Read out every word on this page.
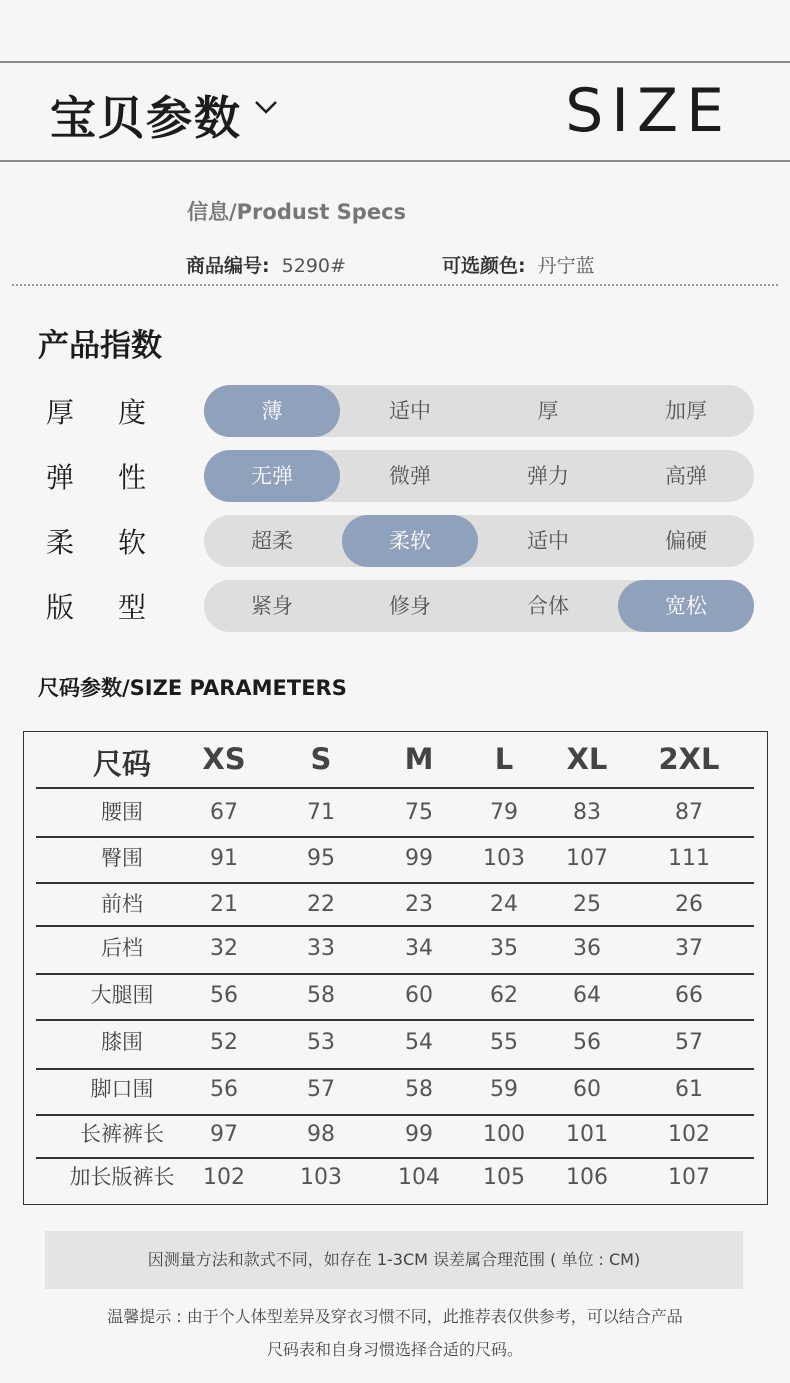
宝贝参数	SIZE
信息/Produst Specs
商品编号: 5290#	可选颜色: 丹宁蓝
产品指数
厚 度	薄	适中	厚	加厚
弹 性	无弹	微弹	弹力	高弹
柔 软	超柔	柔软	适中	偏硬
版 型	紧身	修身	合体	宽松
尺码参数/SIZE PARAMETERS
尺码	XS	S	M	L	XL	2XL
腰围	67	71	75	79	83	87
臀围	91	95	99	103	107	111
前档	21	22	23	24	25	26
后档	32	33	34	35	36	37
大腿围	56	58	60	62	64	66
膝围	52	53	54	55	56	57
脚口围	56	57	58	59	60	61
长裤裤长	97	98	99	100	101	102
加长版裤长	102	103	104	105	106	107
因测量方法和款式不同，如存在 1-3CM 误差属合理范围 ( 单位 : CM)
温馨提示 : 由于个人体型差异及穿衣习惯不同，此推荐表仅供参考，可以结合产品
尺码表和自身习惯选择合适的尺码。
